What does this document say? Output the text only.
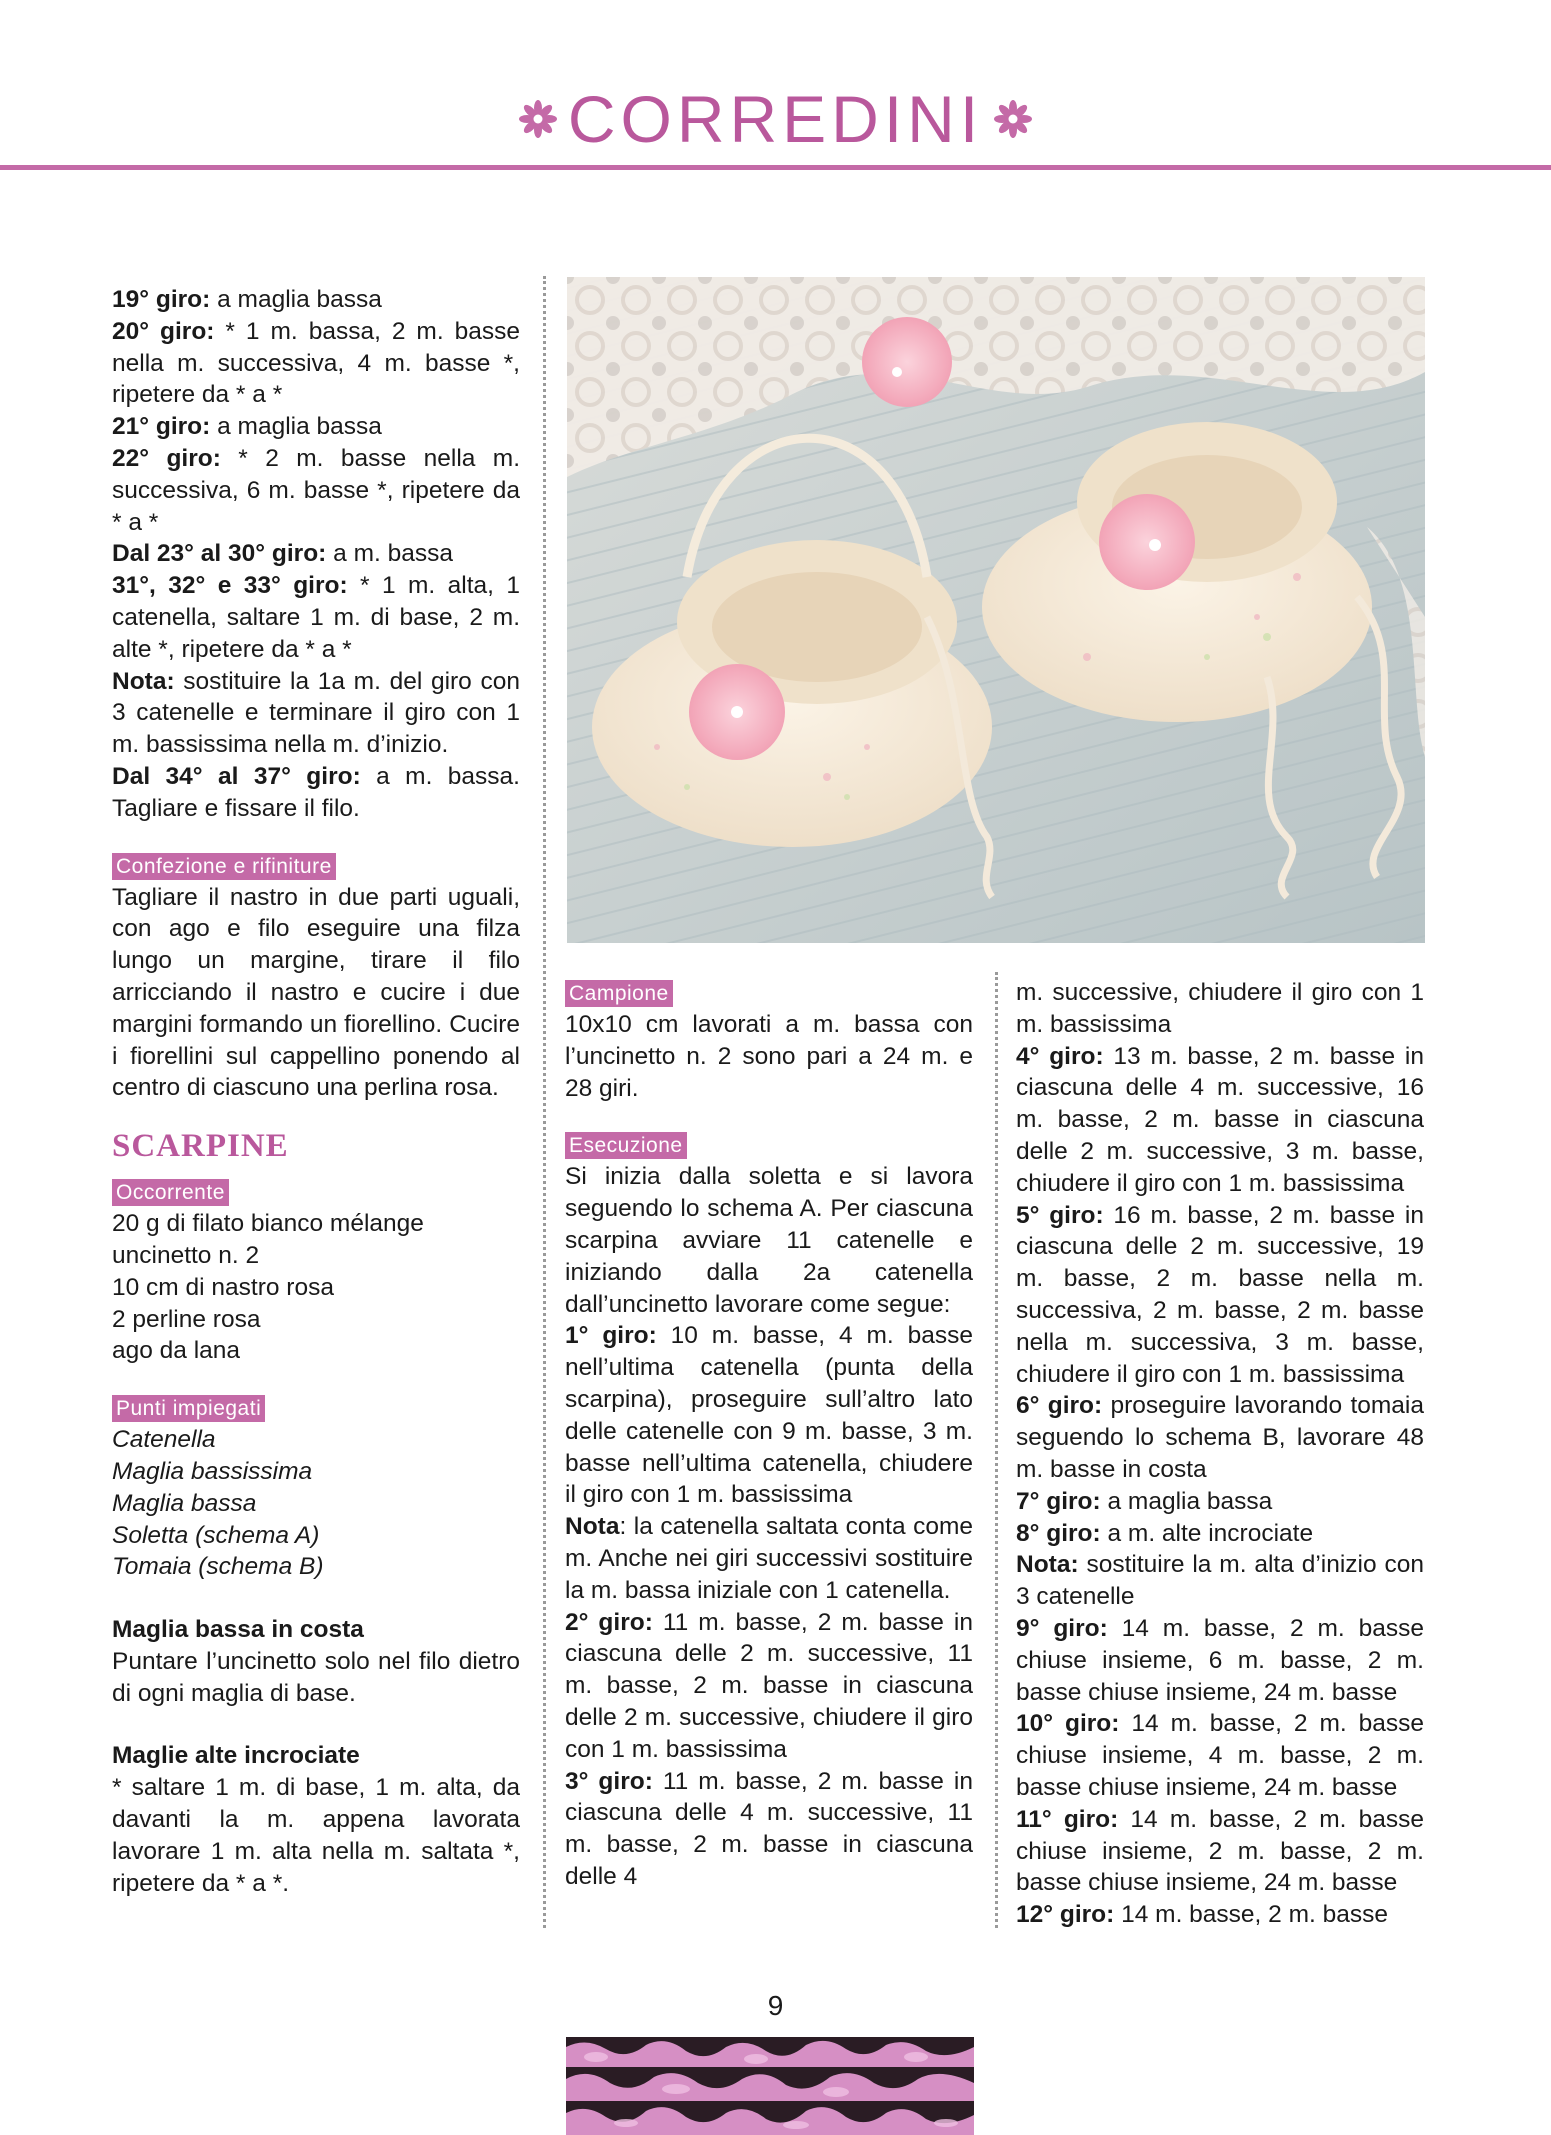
CORREDINI

19° giro: a maglia bassa

20° giro: * 1 m. bassa, 2 m. basse nella m. successiva, 4 m. basse *, ripetere da * a *

21° giro: a maglia bassa

22° giro: * 2 m. basse nella m. successiva, 6 m. basse *, ripetere da * a *

Dal 23° al 30° giro: a m. bassa

31°, 32° e 33° giro: * 1 m. alta, 1 catenella, saltare 1 m. di base, 2 m. alte *, ripetere da * a *

Nota: sostituire la 1a m. del giro con 3 catenelle e terminare il giro con 1 m. bassissima nella m. d’inizio.

Dal 34° al 37° giro: a m. bassa. Tagliare e fissare il filo.

Confezione e rifiniture

Tagliare il nastro in due parti uguali, con ago e filo eseguire una filza lungo un margine, tirare il filo arricciando il nastro e cucire i due margini formando un fiorellino. Cucire i fiorellini sul cappellino ponendo al centro di ciascuno una perlina rosa.

SCARPINE
Occorrente

20 g di filato bianco mélange

uncinetto n. 2

10 cm di nastro rosa

2 perline rosa

ago da lana

Punti impiegati

Catenella

Maglia bassissima

Maglia bassa

Soletta (schema A)

Tomaia (schema B)

Maglia bassa in costa

Puntare l’uncinetto solo nel filo dietro di ogni maglia di base.

Maglie alte incrociate

* saltare 1 m. di base, 1 m. alta, da davanti la m. appena lavorata lavorare 1 m. alta nella m. saltata *, ripetere da * a *.

Campione

10x10 cm lavorati a m. bassa con l’uncinetto n. 2 sono pari a 24 m. e 28 giri.

Esecuzione

Si inizia dalla soletta e si lavora seguendo lo schema A. Per ciascuna scarpina avviare 11 catenelle e iniziando dalla 2a catenella dall’uncinetto lavorare come segue:

1° giro: 10 m. basse, 4 m. basse nell’ultima catenella (punta della scarpina), proseguire sull’altro lato delle catenelle con 9 m. basse, 3 m. basse nell’ultima catenella, chiudere il giro con 1 m. bassissima

Nota: la catenella saltata conta come m. Anche nei giri successivi sostituire la m. bassa iniziale con 1 catenella.

2° giro: 11 m. basse, 2 m. basse in ciascuna delle 2 m. successive, 11 m. basse, 2 m. basse in ciascuna delle 2 m. successive, chiudere il giro con 1 m. bassissima

3° giro: 11 m. basse, 2 m. basse in ciascuna delle 4 m. successive, 11 m. basse, 2 m. basse in ciascuna delle 4

m. successive, chiudere il giro con 1 m. bassissima

4° giro: 13 m. basse, 2 m. basse in ciascuna delle 4 m. successive, 16 m. basse, 2 m. basse in ciascuna delle 2 m. successive, 3 m. basse, chiudere il giro con 1 m. bassissima

5° giro: 16 m. basse, 2 m. basse in ciascuna delle 2 m. successive, 19 m. basse, 2 m. basse nella m. successiva, 2 m. basse, 2 m. basse nella m. successiva, 3 m. basse, chiudere il giro con 1 m. bassissima

6° giro: proseguire lavorando tomaia seguendo lo schema B, lavorare 48 m. basse in costa

7° giro: a maglia bassa

8° giro: a m. alte incrociate

Nota: sostituire la m. alta d’inizio con 3 catenelle

9° giro: 14 m. basse, 2 m. basse chiuse insieme, 6 m. basse, 2 m. basse chiuse insieme, 24 m. basse

10° giro: 14 m. basse, 2 m. basse chiuse insieme, 4 m. basse, 2 m. basse chiuse insieme, 24 m. basse

11° giro: 14 m. basse, 2 m. basse chiuse insieme, 2 m. basse, 2 m. basse chiuse insieme, 24 m. basse

12° giro: 14 m. basse, 2 m. basse

9
